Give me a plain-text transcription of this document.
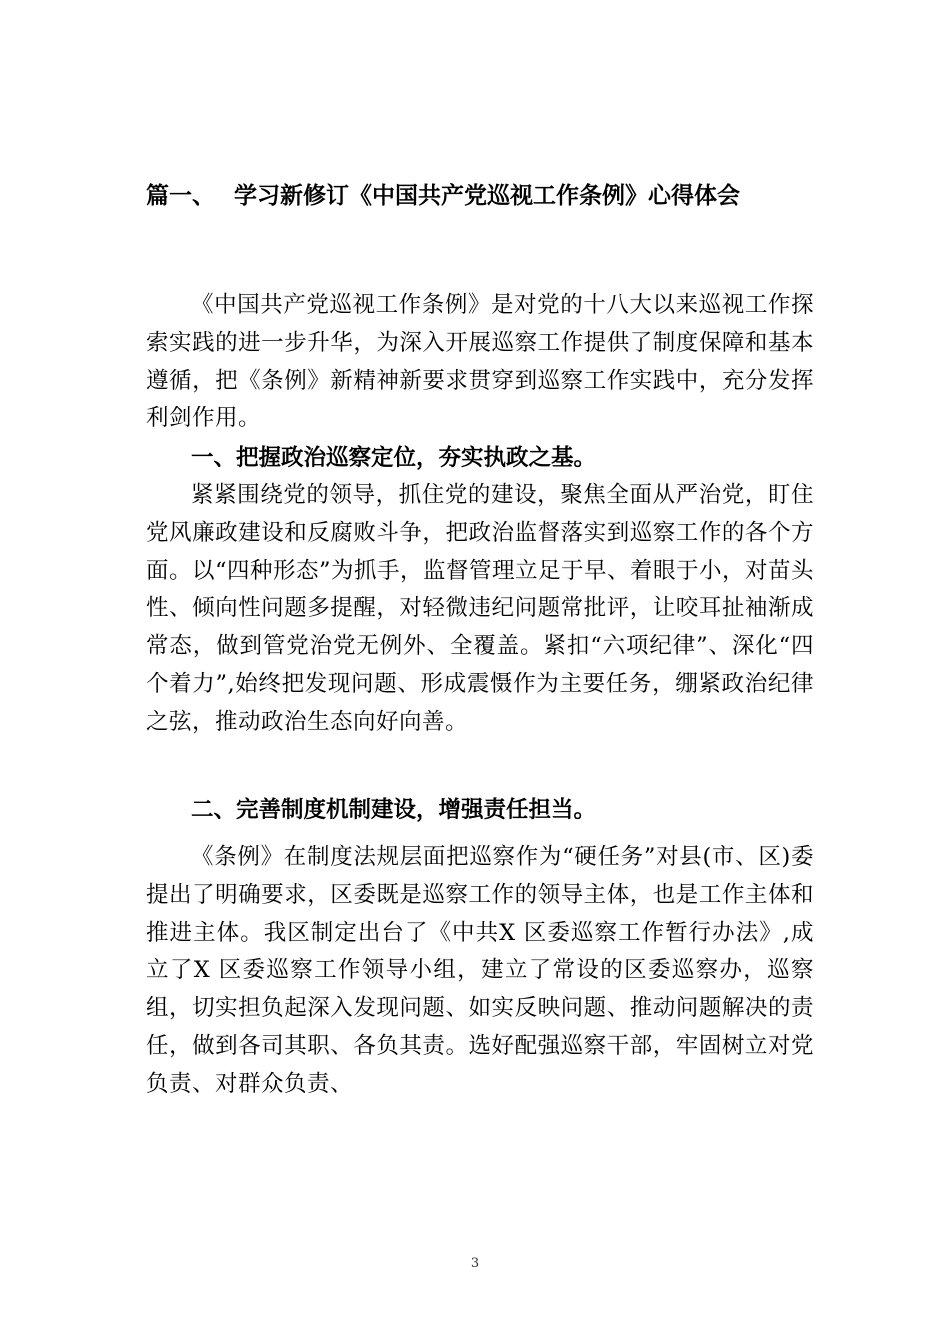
篇一、 学习新修订《中国共产党巡视工作条例》心得体会
《中国共产党巡视工作条例》是对党的十八大以来巡视工作探索实践的进一步升华，为深入开展巡察工作提供了制度保障和基本遵循，把《条例》新精神新要求贯穿到巡察工作实践中，充分发挥利剑作用。
一、把握政治巡察定位，夯实执政之基。
紧紧围绕党的领导，抓住党的建设，聚焦全面从严治党，盯住党风廉政建设和反腐败斗争，把政治监督落实到巡察工作的各个方面。以“四种形态”为抓手，监督管理立足于早、着眼于小，对苗头性、倾向性问题多提醒，对轻微违纪问题常批评，让咬耳扯袖渐成常态，做到管党治党无例外、全覆盖。紧扣“六项纪律”、深化“四个着力”,始终把发现问题、形成震慑作为主要任务，绷紧政治纪律之弦，推动政治生态向好向善。
二、完善制度机制建设，增强责任担当。
《条例》在制度法规层面把巡察作为“硬任务”对县(市、区)委提出了明确要求，区委既是巡察工作的领导主体，也是工作主体和推进主体。我区制定出台了《中共X 区委巡察工作暂行办法》,成立了X 区委巡察工作领导小组，建立了常设的区委巡察办，巡察组，切实担负起深入发现问题、如实反映问题、推动问题解决的责任，做到各司其职、各负其责。选好配强巡察干部，牢固树立对党负责、对群众负责、
3
